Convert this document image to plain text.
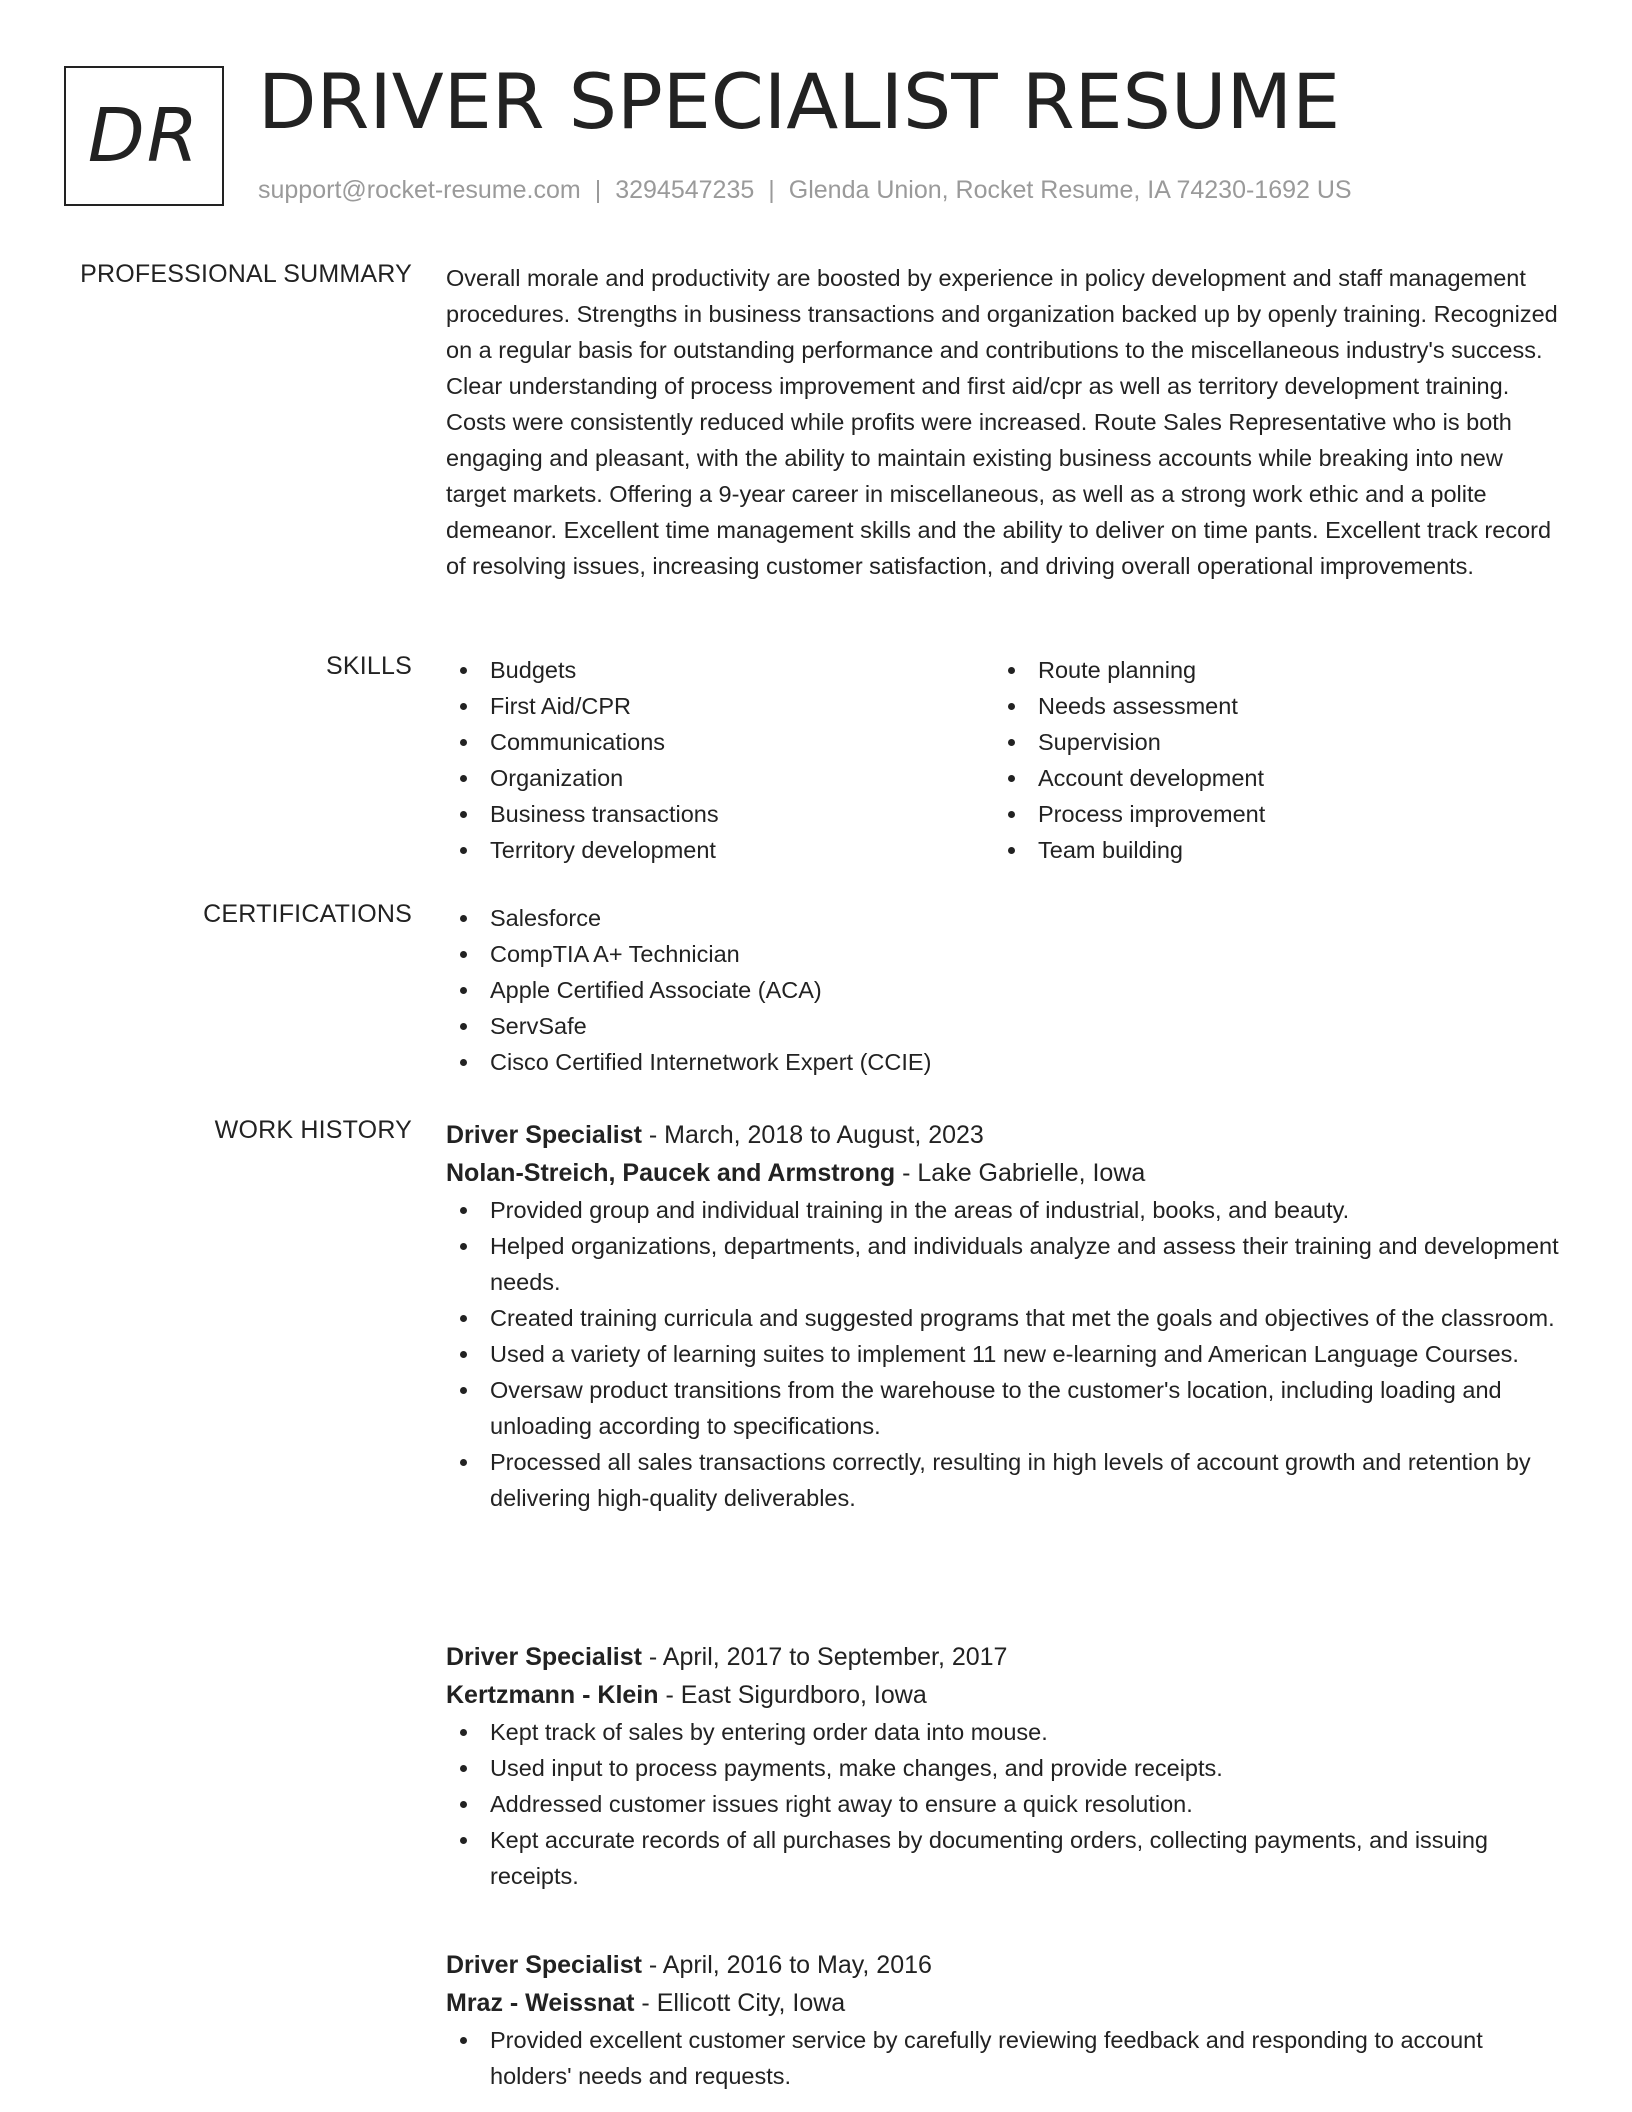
DR DRIVER SPECIALIST RESUME
support@rocket-resume.com | 3294547235 | Glenda Union, Rocket Resume, IA 74230-1692 US
PROFESSIONAL SUMMARY Overall morale and productivity are boosted by experience in policy development and staff management procedures. Strengths in business transactions and organization backed up by openly training. Recognized on a regular basis for outstanding performance and contributions to the miscellaneous industry's success. Clear understanding of process improvement and first aid/cpr as well as territory development training. Costs were consistently reduced while profits were increased. Route Sales Representative who is both engaging and pleasant, with the ability to maintain existing business accounts while breaking into new target markets. Offering a 9-year career in miscellaneous, as well as a strong work ethic and a polite demeanor. Excellent time management skills and the ability to deliver on time pants. Excellent track record of resolving issues, increasing customer satisfaction, and driving overall operational improvements.

SKILLS	Budgets
First Aid/CPR
Communications
Organization
Business transactions
Territory development
Route planning
Needs assessment
Supervision
Account development
Process improvement
Team building
CERTIFICATIONS	Salesforce
CompTIA A+ Technician
Apple Certified Associate (ACA)
ServSafe
Cisco Certified Internetwork Expert (CCIE)
WORK HISTORY Driver Specialist - March, 2018 to August, 2023
Nolan-Streich, Paucek and Armstrong - Lake Gabrielle, Iowa
Provided group and individual training in the areas of industrial, books, and beauty.
Helped organizations, departments, and individuals analyze and assess their training and development needs.
Created training curricula and suggested programs that met the goals and objectives of the classroom.
Used a variety of learning suites to implement 11 new e-learning and American Language Courses.
Oversaw product transitions from the warehouse to the customer's location, including loading and unloading according to specifications.
Processed all sales transactions correctly, resulting in high levels of account growth and retention by delivering high-quality deliverables.
Driver Specialist - April, 2017 to September, 2017
Kertzmann - Klein - East Sigurdboro, Iowa
Kept track of sales by entering order data into mouse.
Used input to process payments, make changes, and provide receipts.
Addressed customer issues right away to ensure a quick resolution.
Kept accurate records of all purchases by documenting orders, collecting payments, and issuing receipts.
Driver Specialist - April, 2016 to May, 2016
Mraz - Weissnat - Ellicott City, Iowa
Provided excellent customer service by carefully reviewing feedback and responding to account holders' needs and requests.
